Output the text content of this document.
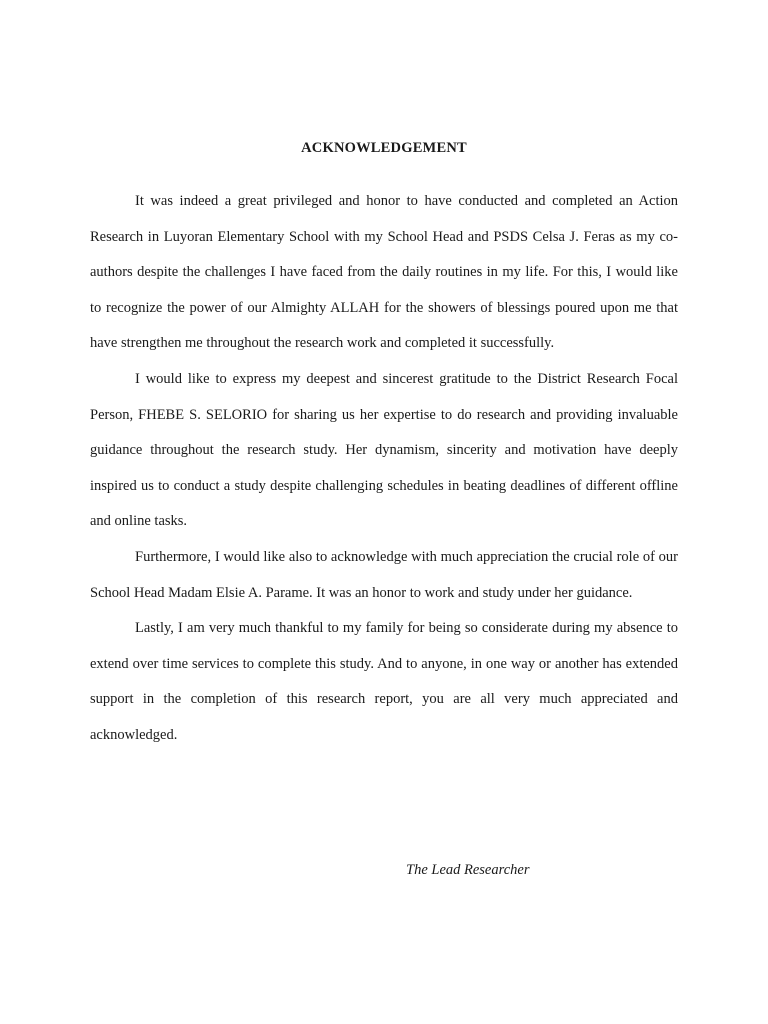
ACKNOWLEDGEMENT

It was indeed a great privileged and honor to have conducted and completed an Action Research in Luyoran Elementary School with my School Head and PSDS Celsa J. Feras as my co-authors despite the challenges I have faced from the daily routines in my life. For this, I would like to recognize the power of our Almighty ALLAH for the showers of blessings poured upon me that have strengthen me throughout the research work and completed it successfully.

I would like to express my deepest and sincerest gratitude to the District Research Focal Person, FHEBE S. SELORIO for sharing us her expertise to do research and providing invaluable guidance throughout the research study. Her dynamism, sincerity and motivation have deeply inspired us to conduct a study despite challenging schedules in beating deadlines of different offline and online tasks.

Furthermore, I would like also to acknowledge with much appreciation the crucial role of our School Head Madam Elsie A. Parame. It was an honor to work and study under her guidance.

Lastly, I am very much thankful to my family for being so considerate during my absence to extend over time services to complete this study. And to anyone, in one way or another has extended support in the completion of this research report, you are all very much appreciated and acknowledged.

The Lead Researcher
